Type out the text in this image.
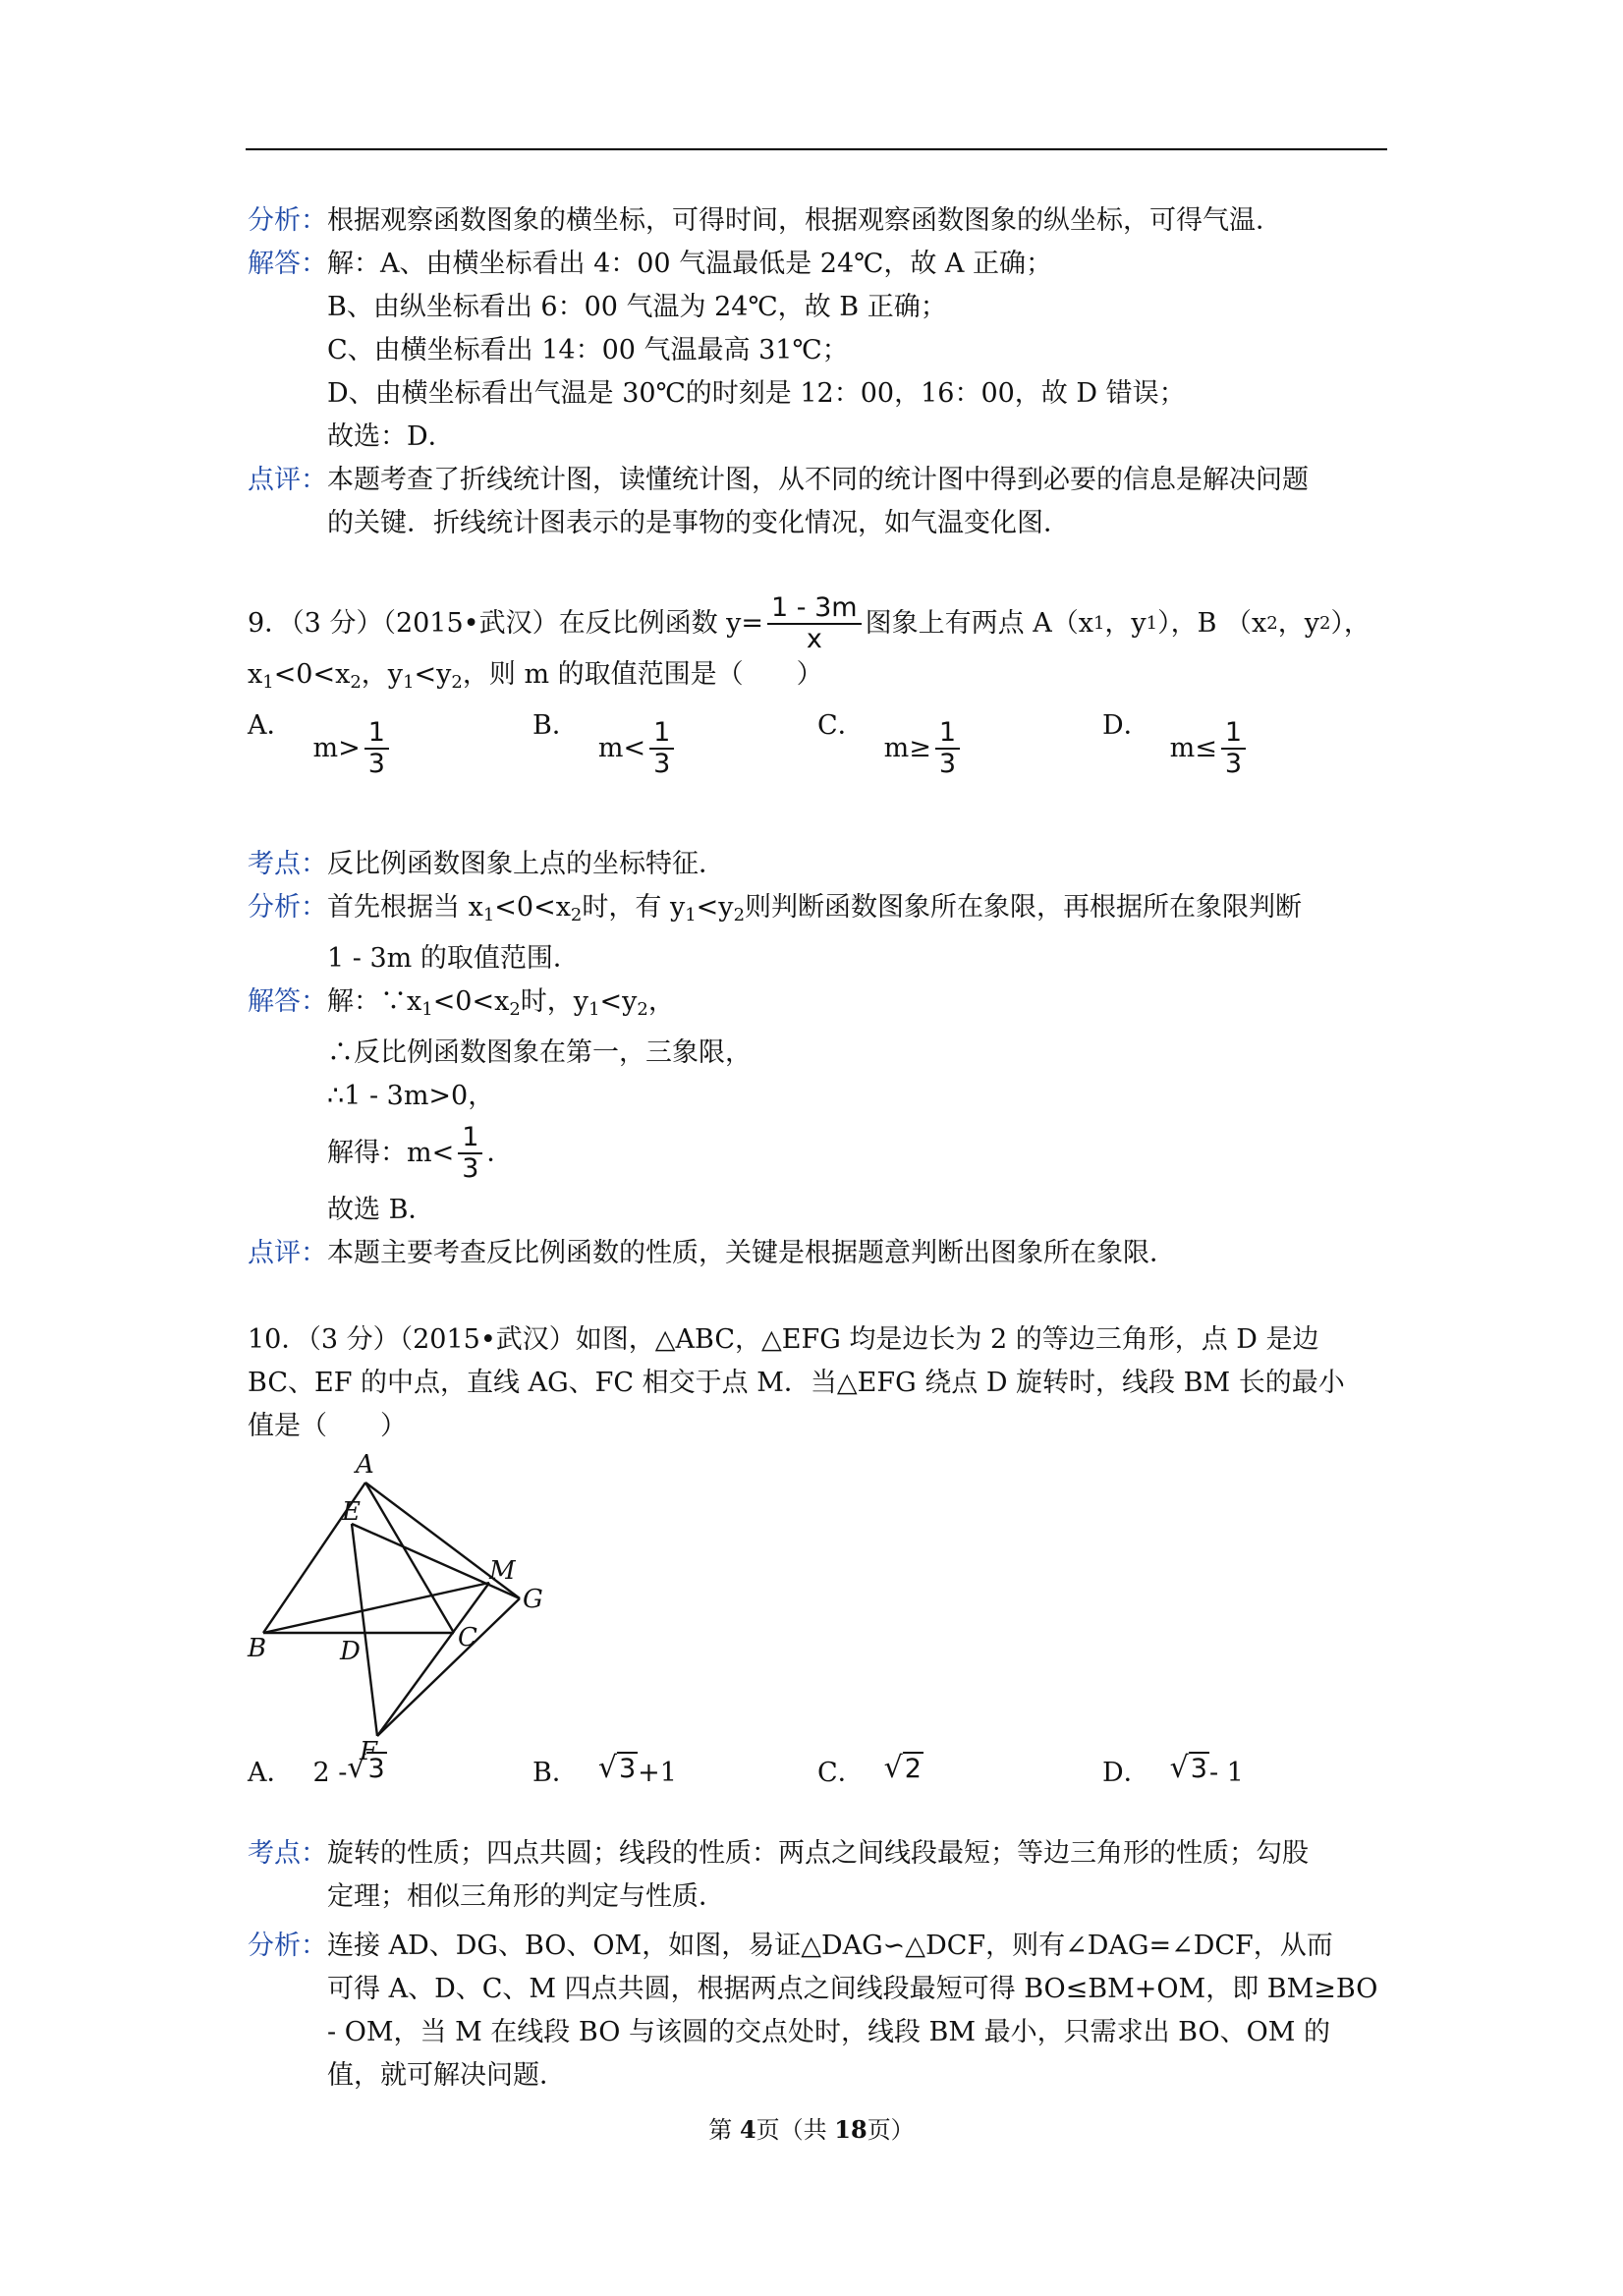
分析：根据观察函数图象的横坐标，可得时间，根据观察函数图象的纵坐标，可得气温．
解答：解：A、由横坐标看出 4：00 气温最低是 24℃，故 A 正确；
B、由纵坐标看出 6：00 气温为 24℃，故 B 正确；
C、由横坐标看出 14：00 气温最高 31℃；
D、由横坐标看出气温是 30℃的时刻是 12：00，16：00，故 D 错误；
故选：D．
点评：本题考查了折线统计图，读懂统计图，从不同的统计图中得到必要的信息是解决问题
的关键．折线统计图表示的是事物的变化情况，如气温变化图．
9．（3 分）（2015•武汉）在反比例函数 $y= \frac{1 - 3m}{x}$ 图象上有两点 A（x 1 ，y 1 ），B （x 2 ，y 2 ），
$x_1<0<x_2$，$y_1<y_2$，则 m 的取值范围是（　　）
A．
$m> \frac{1}{3}$	B．
$m< \frac{1}{3}$	C．
$m\ge \frac{1}{3}$	D．
$m\le \frac{1}{3}$
考点：反比例函数图象上点的坐标特征．
分析：首先根据当 $x_1<0<x_2$时，有 $y_1<y_2$则判断函数图象所在象限，再根据所在象限判断
1 - 3m 的取值范围．
解答：解：$\because x_1<0<x_2$时，$y_1<y_2$，
∴反比例函数图象在第一，三象限，
∴1 - 3m>0，
解得：$m< \frac{1}{3}$ ．
故选 B．
点评：本题主要考查反比例函数的性质，关键是根据题意判断出图象所在象限．
10．（3 分）（2015•武汉）如图，△ABC，△EFG 均是边长为 2 的等边三角形，点 D 是边
BC、EF 的中点，直线 AG、FC 相交于点 M．当△EFG 绕点 D 旋转时，线段 BM 长的最小
值是（　　）
A
E
M
G
B	D	C
F
A． 2 - √ 3	B． √ 3 +1	C． √ 2	D． √ 3 - 1
考点：旋转的性质；四点共圆；线段的性质：两点之间线段最短；等边三角形的性质；勾股
定理；相似三角形的判定与性质．
分析：连接 AD、DG、BO、OM，如图，易证△DAG∽△DCF，则有∠DAG=∠DCF，从而
可得 A、D、C、M 四点共圆，根据两点之间线段最短可得 BO≤BM+OM，即 BM≥BO
- OM，当 M 在线段 BO 与该圆的交点处时，线段 BM 最小，只需求出 BO、OM 的
值，就可解决问题．
第 4页（共 18页）
